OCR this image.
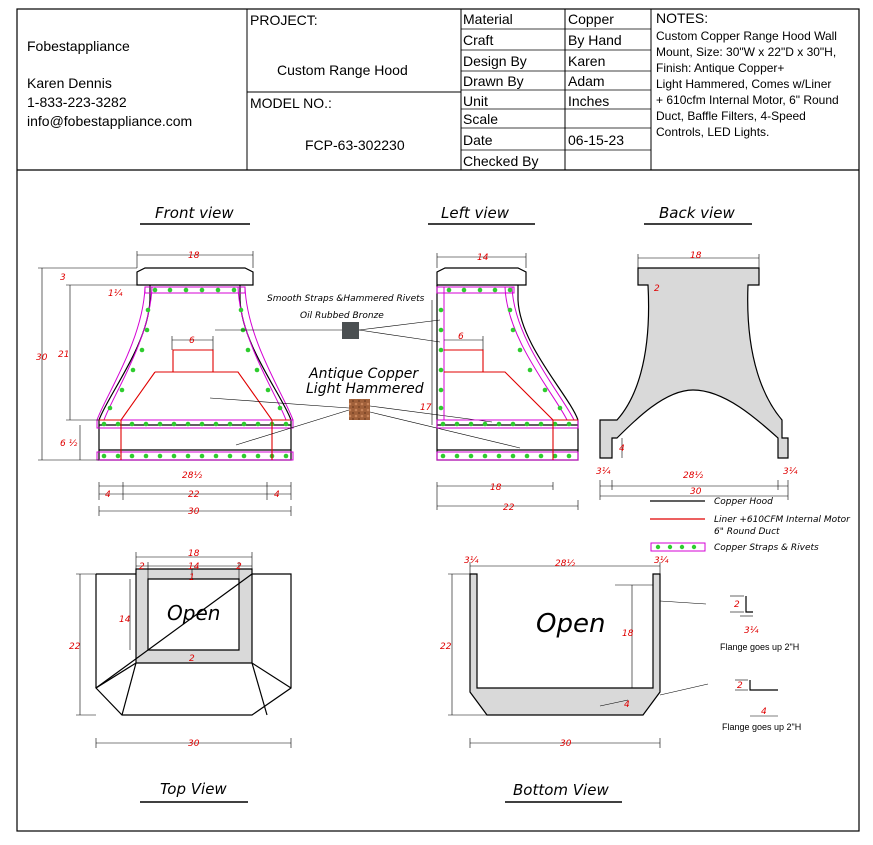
Fobestappliance
Karen Dennis
1-833-223-3282
info@fobestappliance.com
PROJECT:
Custom Range Hood
MODEL NO.:
FCP-63-302230
Material	Copper
Craft	By Hand
Design By	Karen
Drawn By	Adam
Unit	Inches
Scale
Date	06-15-23
Checked By
NOTES:
Custom Copper Range Hood Wall
Mount, Size: 30"W x 22"D x 30"H,
Finish: Antique Copper+
Light Hammered, Comes w/Liner
+ 610cfm Internal Motor, 6" Round
Duct, Baffle Filters, 4-Speed
Controls, LED Lights.
Front view	Left view	Back view
Top View	Bottom View
18
3
1¼
6
30 21
6 ½
28½
4	22	4
30
Smooth Straps &Hammered Rivets
Oil Rubbed Bronze
Antique Copper
Light Hammered
14
6
17
18
22
18
2
4
3¼	28½	3¼
30
Copper Hood
Liner +610CFM Internal Motor
6" Round Duct
Copper Straps & Rivets
Open
18
2	14	2
1
14
22
2
30
Open
3¼	28½	3¼
22
18
4
30
2
3¼
Flange goes up 2"H
2
4
Flange goes up 2"H
